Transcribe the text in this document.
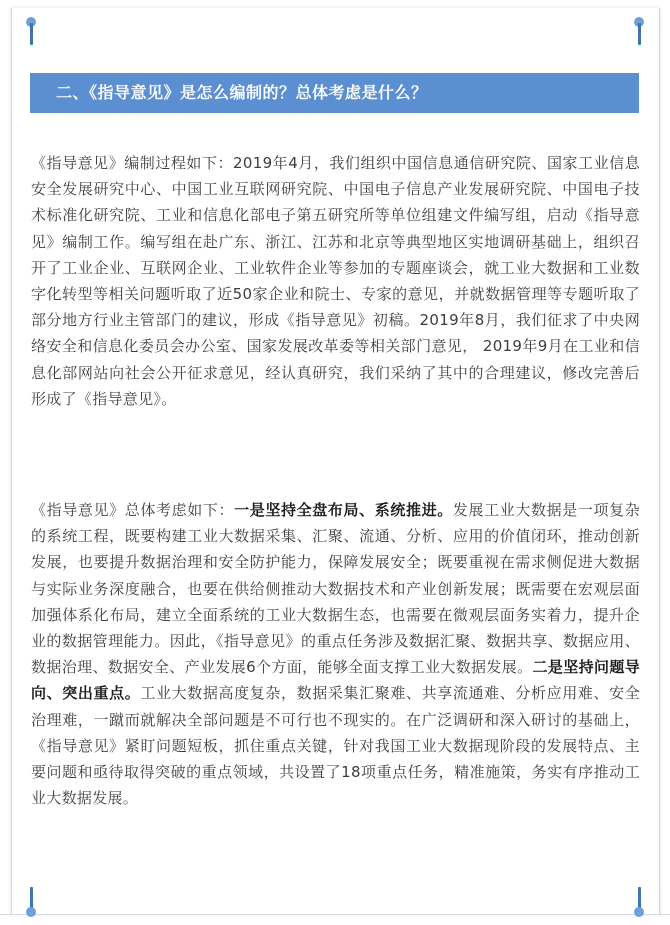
二、《指导意见》是怎么编制的？总体考虑是什么？
《指导意见》编制过程如下：2019年4月，我们组织中国信息通信研究院、国家工业信息安全发展研究中心、中国工业互联网研究院、中国电子信息产业发展研究院、中国电子技术标准化研究院、工业和信息化部电子第五研究所等单位组建文件编写组，启动《指导意见》编制工作。编写组在赴广东、浙江、江苏和北京等典型地区实地调研基础上，组织召开了工业企业、互联网企业、工业软件企业等参加的专题座谈会，就工业大数据和工业数字化转型等相关问题听取了近50家企业和院士、专家的意见，并就数据管理等专题听取了部分地方行业主管部门的建议，形成《指导意见》初稿。2019年8月，我们征求了中央网络安全和信息化委员会办公室、国家发展改革委等相关部门意见， 2019年9月在工业和信息化部网站向社会公开征求意见，经认真研究，我们采纳了其中的合理建议，修改完善后形成了《指导意见》。
《指导意见》总体考虑如下：一是坚持全盘布局、系统推进。发展工业大数据是一项复杂的系统工程，既要构建工业大数据采集、汇聚、流通、分析、应用的价值闭环，推动创新发展，也要提升数据治理和安全防护能力，保障发展安全；既要重视在需求侧促进大数据与实际业务深度融合，也要在供给侧推动大数据技术和产业创新发展；既需要在宏观层面加强体系化布局，建立全面系统的工业大数据生态，也需要在微观层面务实着力，提升企业的数据管理能力。因此，《指导意见》的重点任务涉及数据汇聚、数据共享、数据应用、数据治理、数据安全、产业发展6个方面，能够全面支撑工业大数据发展。二是坚持问题导向、突出重点。工业大数据高度复杂，数据采集汇聚难、共享流通难、分析应用难、安全治理难，一蹴而就解决全部问题是不可行也不现实的。在广泛调研和深入研讨的基础上，《指导意见》紧盯问题短板，抓住重点关键，针对我国工业大数据现阶段的发展特点、主要问题和亟待取得突破的重点领域，共设置了18项重点任务，精准施策，务实有序推动工业大数据发展。
